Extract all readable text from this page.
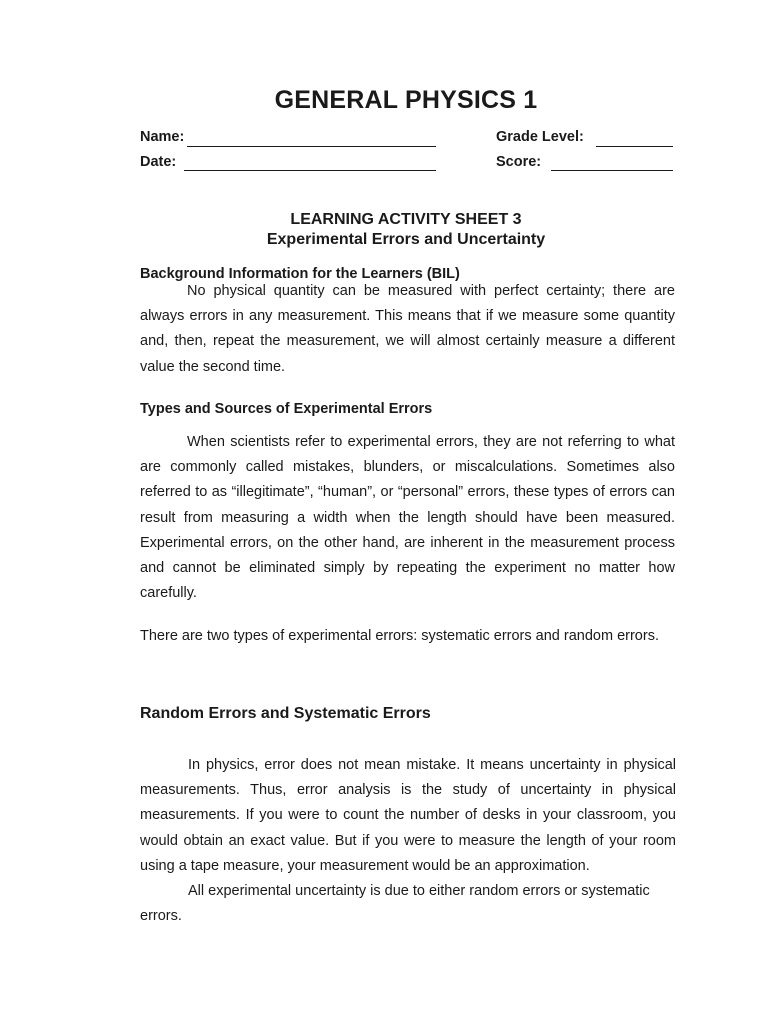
GENERAL PHYSICS 1
Name:	Grade Level:
Date:	Score:
LEARNING ACTIVITY SHEET 3
Experimental Errors and Uncertainty
Background Information for the Learners (BIL)

No physical quantity can be measured with perfect certainty; there are always errors in any measurement. This means that if we measure some quantity and, then, repeat the measurement, we will almost certainly measure a different value the second time.

Types and Sources of Experimental Errors

When scientists refer to experimental errors, they are not referring to what are commonly called mistakes, blunders, or miscalculations. Sometimes also referred to as “illegitimate”, “human”, or “personal” errors, these types of errors can result from measuring a width when the length should have been measured. Experimental errors, on the other hand, are inherent in the measurement process and cannot be eliminated simply by repeating the experiment no matter how carefully.

There are two types of experimental errors: systematic errors and random errors.
Random Errors and Systematic Errors

In physics, error does not mean mistake. It means uncertainty in physical measurements. Thus, error analysis is the study of uncertainty in physical measurements. If you were to count the number of desks in your classroom, you would obtain an exact value. But if you were to measure the length of your room using a tape measure, your measurement would be an approximation.

All experimental uncertainty is due to either random errors or systematic errors.
